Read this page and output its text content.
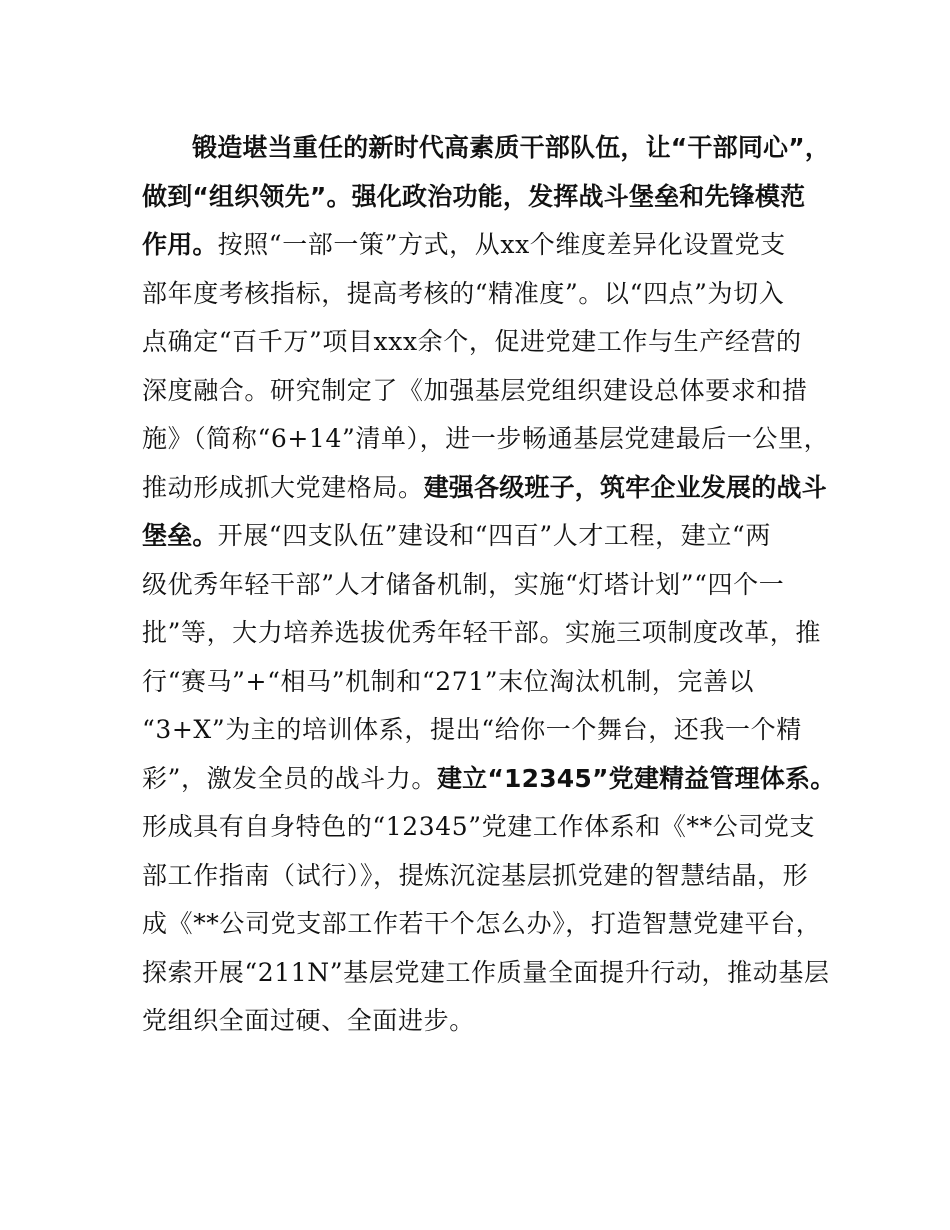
锻造堪当重任的新时代高素质干部队伍，让“干部同心”，
做到“组织领先”。强化政治功能，发挥战斗堡垒和先锋模范
作用。按照“一部一策”方式，从xx个维度差异化设置党支
部年度考核指标，提高考核的“精准度”。以“四点”为切入
点确定“百千万”项目xxx余个，促进党建工作与生产经营的
深度融合。研究制定了《加强基层党组织建设总体要求和措
施》（简称“6+14”清单），进一步畅通基层党建最后一公里，
推动形成抓大党建格局。建强各级班子，筑牢企业发展的战斗
堡垒。开展“四支队伍”建设和“四百”人才工程，建立“两
级优秀年轻干部”人才储备机制，实施“灯塔计划”“四个一
批”等，大力培养选拔优秀年轻干部。实施三项制度改革，推
行“赛马”+“相马”机制和“271”末位淘汰机制，完善以
“3+X”为主的培训体系，提出“给你一个舞台，还我一个精
彩”，激发全员的战斗力。建立“12345”党建精益管理体系。
形成具有自身特色的“12345”党建工作体系和《**公司党支
部工作指南（试行）》，提炼沉淀基层抓党建的智慧结晶，形
成《**公司党支部工作若干个怎么办》，打造智慧党建平台，
探索开展“211N”基层党建工作质量全面提升行动，推动基层
党组织全面过硬、全面进步。
